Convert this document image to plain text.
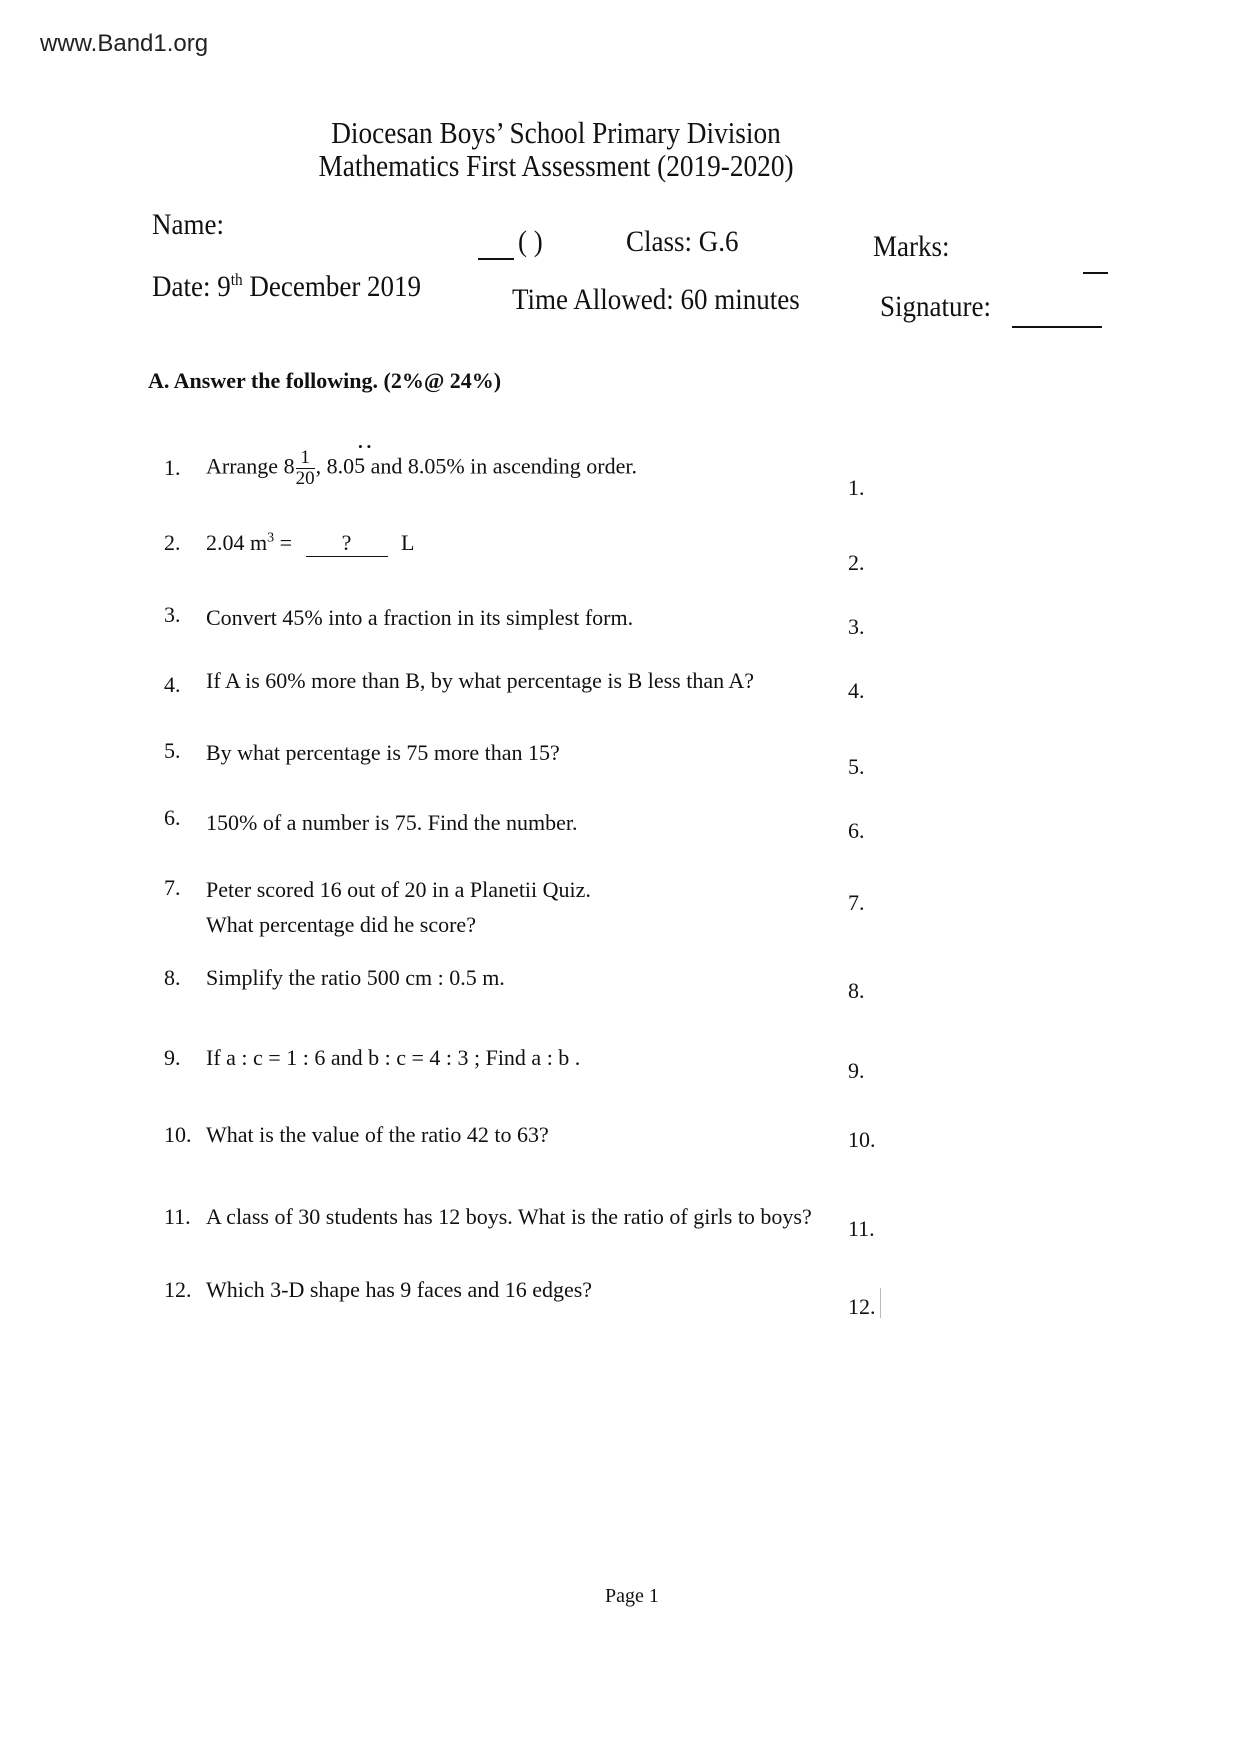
www.Band1.org
Diocesan Boys’ School Primary Division
Mathematics First Assessment (2019-2020)
Name:
( )	Class: G.6	Marks:
Date: 9th December 2019	Time Allowed: 60 minutes	Signature:
A. Answer the following. (2%@ 24%)
1. Arrange $8 \frac{1}{20}$ , 8.0•• 5 and 8.05% in ascending order.
1.
2. 2.04 $m^3$ = ? L
2.
3. Convert 45% into a fraction in its simplest form.	3.
4. If A is 60% more than B, by what percentage is B less than A?	4.
5. By what percentage is 75 more than 15?
5.
6. 150% of a number is 75. Find the number.	6.
7. Peter scored 16 out of 20 in a Planetii Quiz.
What percentage did he score?
7.
8. Simplify the ratio 500 cm : 0.5 m.
8.
9. If a : c = 1 : 6 and b : c = 4 : 3 ; Find a : b .
9.
10. What is the value of the ratio 42 to 63?	10.
11. A class of 30 students has 12 boys. What is the ratio of girls to boys? 11.
12. Which 3-D shape has 9 faces and 16 edges?
12.
Page 1
